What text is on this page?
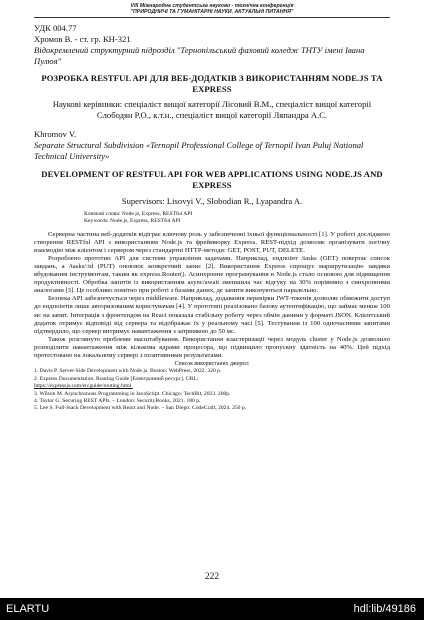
VIII Міжнародна студентська науково - технічна конференція
"ПРИРОДНИЧІ ТА ГУМАНІТАРНІ НАУКИ. АКТУАЛЬНІ ПИТАННЯ"
УДК 004.77
Хромов В. - ст. гр. КН-321
Відокремлений структурний підрозділ "Тернопільський фаховий коледж ТНТУ імені Івана Пулюя"
РОЗРОБКА RESTFUL API ДЛЯ ВЕБ-ДОДАТКІВ З ВИКОРИСТАННЯМ NODE.JS ТА EXPRESS
Наукові керівники: спеціаліст вищої категорії Лісовий В.М., спеціаліст вищої категорії Слободян Р.О., к.т.н., спеціаліст вищої категорії Ляпандра А.С.
Khromov V.
Separate Structural Subdivision «Ternopil Professional College of Ternopil Ivan Puluj National Technical University»
DEVELOPMENT OF RESTFUL API FOR WEB APPLICATIONS USING NODE.JS AND EXPRESS
Supervisors: Lisovyi V., Slobodian R., Lyapandra A.
Ключові слова: Node.js, Express, RESTful API
Keywords: Node.js, Express, RESTful API

Серверна частина веб-додатків відіграє ключову роль у забезпеченні їхньої функціональності [1]. У роботі досліджено створення RESTful API з використанням Node.js та фреймворку Express. REST-підхід дозволяє організувати логічну взаємодію між клієнтом і сервером через стандартні HTTP-методи: GET, POST, PUT, DELETE.

Розроблено прототип API для системи управління задачами. Наприклад, ендпоінт /tasks (GET) повертає список завдань, а /tasks/:id (PUT) оновлює конкретний запис [2]. Використання Express спрощує маршрутизацію завдяки вбудованим інструментам, таким як express.Router(). Асинхронне програмування в Node.js стало основою для підвищення продуктивності. Обробка запитів із використанням async/await зменшила час відгуку на 30% порівняно з синхронними аналогами [3]. Це особливо помітно при роботі з базами даних, де запити виконуються паралельно.

Безпека API забезпечується через middleware. Наприклад, додавання перевірки JWT-токенів дозволяє обмежити доступ до ендпоінтів лише авторизованим користувачам [4]. У прототипі реалізовано базову аутентифікацію, що займає менше 100 мс на запит. Інтеграція з фронтендом на React показала стабільну роботу через обмін даними у форматі JSON. Клієнтський додаток отримує відповіді від сервера та відображає їх у реальному часі [5]. Тестування із 100 одночасними запитами підтвердило, що сервер витримує навантаження з затримкою до 50 мс.

Також розглянуто проблеми масштабування. Використання кластеризації через модуль cluster у Node.js дозволило розподілити навантаження між кількома ядрами процесора, що підвищило пропускну здатність на 40%. Цей підхід протестовано на локальному сервері з позитивними результатами.

Список використаних джерел:
1. Davis P. Server-Side Development with Node.js. Boston: WebPress, 2022. 320 p.
2. Express Documentation. Routing Guide [Електронний ресурс]. URL:
https://expressjs.com/en/guide/routing.html.
3. Wilson M. Asynchronous Programming in JavaScript. Chicago: TechBit, 2023. 200p.
4. Taylor G. Securing REST APIs. – London: SecurityBooks, 2021. 180 p.
5. Lee S. Full-Stack Development with React and Node. – San Diego: CodeCraft, 2024. 250 p.
222
ELARTU	hdl:lib/49186
